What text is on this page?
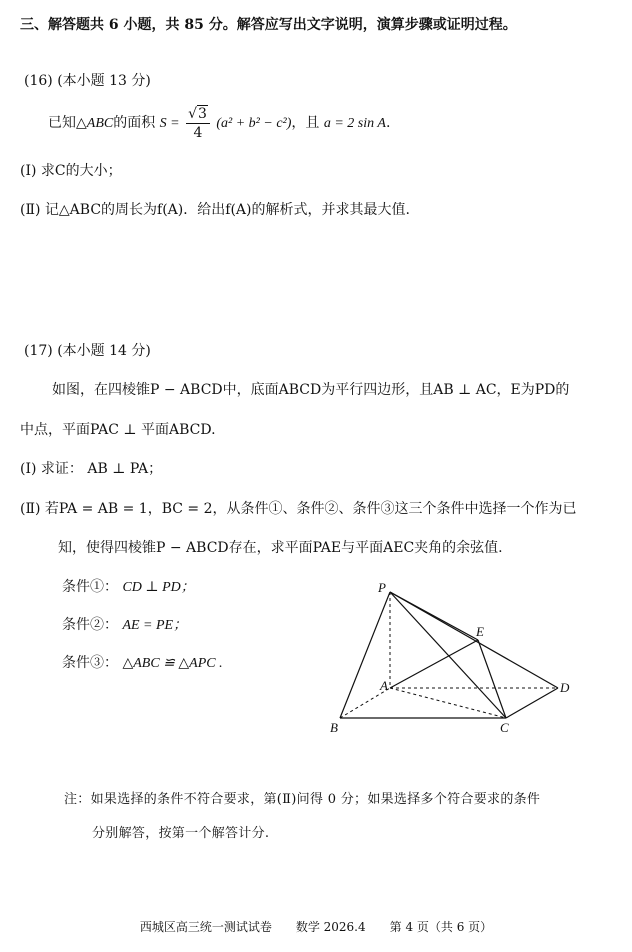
三、解答题共 6 小题，共 85 分。解答应写出文字说明，演算步骤或证明过程。
(16) (本小题 13 分)
已知△ABC的面积 $S = \frac{√3}{4} (a^2 + b^2 - c^2)$，且 a = 2 sin A.
(Ⅰ) 求C的大小；
(Ⅱ) 记△ABC的周长为f(A)．给出f(A)的解析式，并求其最大值.
(17) (本小题 14 分)
如图，在四棱锥P − ABCD中，底面ABCD为平行四边形，且AB ⊥ AC，E为PD的
中点，平面PAC ⊥ 平面ABCD.
(Ⅰ) 求证： AB ⊥ PA；
(Ⅱ) 若PA = AB = 1，BC = 2，从条件①、条件②、条件③这三个条件中选择一个作为已
知，使得四棱锥P − ABCD存在，求平面PAE与平面AEC夹角的余弦值.
条件①： CD ⊥ PD；
条件②： AE = PE；
条件③： △ABC ≌ △APC .
P
E
A	D
B	C
注：如果选择的条件不符合要求，第(Ⅱ)问得 0 分；如果选择多个符合要求的条件
分别解答，按第一个解答计分.
西城区高三统一测试试卷　　数学 2026.4　　第 4 页（共 6 页）
